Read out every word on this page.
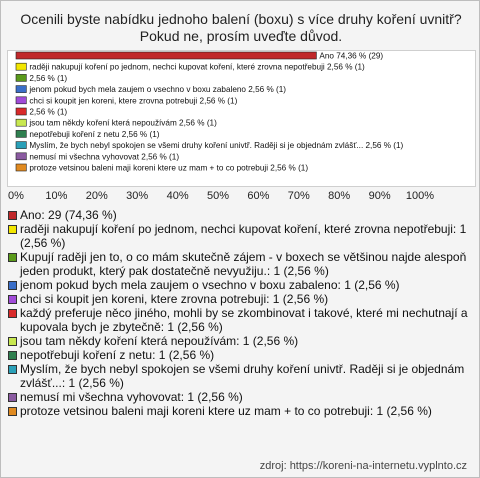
Ocenili byste nabídku jednoho balení (boxu) s více druhy koření uvnitř? Pokud ne, prosím uveďte důvod.
Ano 74,36 % (29)
raději nakupují koření po jednom, nechci kupovat koření, které zrovna nepotřebuji 2,56 % (1)
2,56 % (1)
jenom pokud bych mela zaujem o vsechno v boxu zabaleno 2,56 % (1)
chci si koupit jen koreni, ktere zrovna potrebuji 2,56 % (1)
2,56 % (1)
jsou tam někdy koření která nepoužívám 2,56 % (1)
nepotřebuji koření z netu 2,56 % (1)
Myslím, že bych nebyl spokojen se všemi druhy koření univtř. Raději si je objednám zvlášť... 2,56 % (1)
nemusí mi všechna vyhovovat 2,56 % (1)
protoze vetsinou baleni maji koreni ktere uz mam + to co potrebuji 2,56 % (1)
0% 10% 20% 30% 40% 50% 60% 70% 80% 90% 100%
Ano: 29 (74,36 %)
raději nakupují koření po jednom, nechci kupovat koření, které zrovna nepotřebuji: 1 (2,56 %)
Kupují raději jen to, o co mám skutečně zájem - v boxech se většinou najde alespoň jeden produkt, který pak dostatečně nevyužiju.: 1 (2,56 %)
jenom pokud bych mela zaujem o vsechno v boxu zabaleno: 1 (2,56 %)
chci si koupit jen koreni, ktere zrovna potrebuji: 1 (2,56 %)
každý preferuje něco jiného, mohli by se zkombinovat i takové, které mi nechutnají a kupovala bych je zbytečně: 1 (2,56 %)
jsou tam někdy koření která nepoužívám: 1 (2,56 %)
nepotřebuji koření z netu: 1 (2,56 %)
Myslím, že bych nebyl spokojen se všemi druhy koření univtř. Raději si je objednám zvlášť...: 1 (2,56 %)
nemusí mi všechna vyhovovat: 1 (2,56 %)
protoze vetsinou baleni maji koreni ktere uz mam + to co potrebuji: 1 (2,56 %)
zdroj: https://koreni-na-internetu.vyplnto.cz
